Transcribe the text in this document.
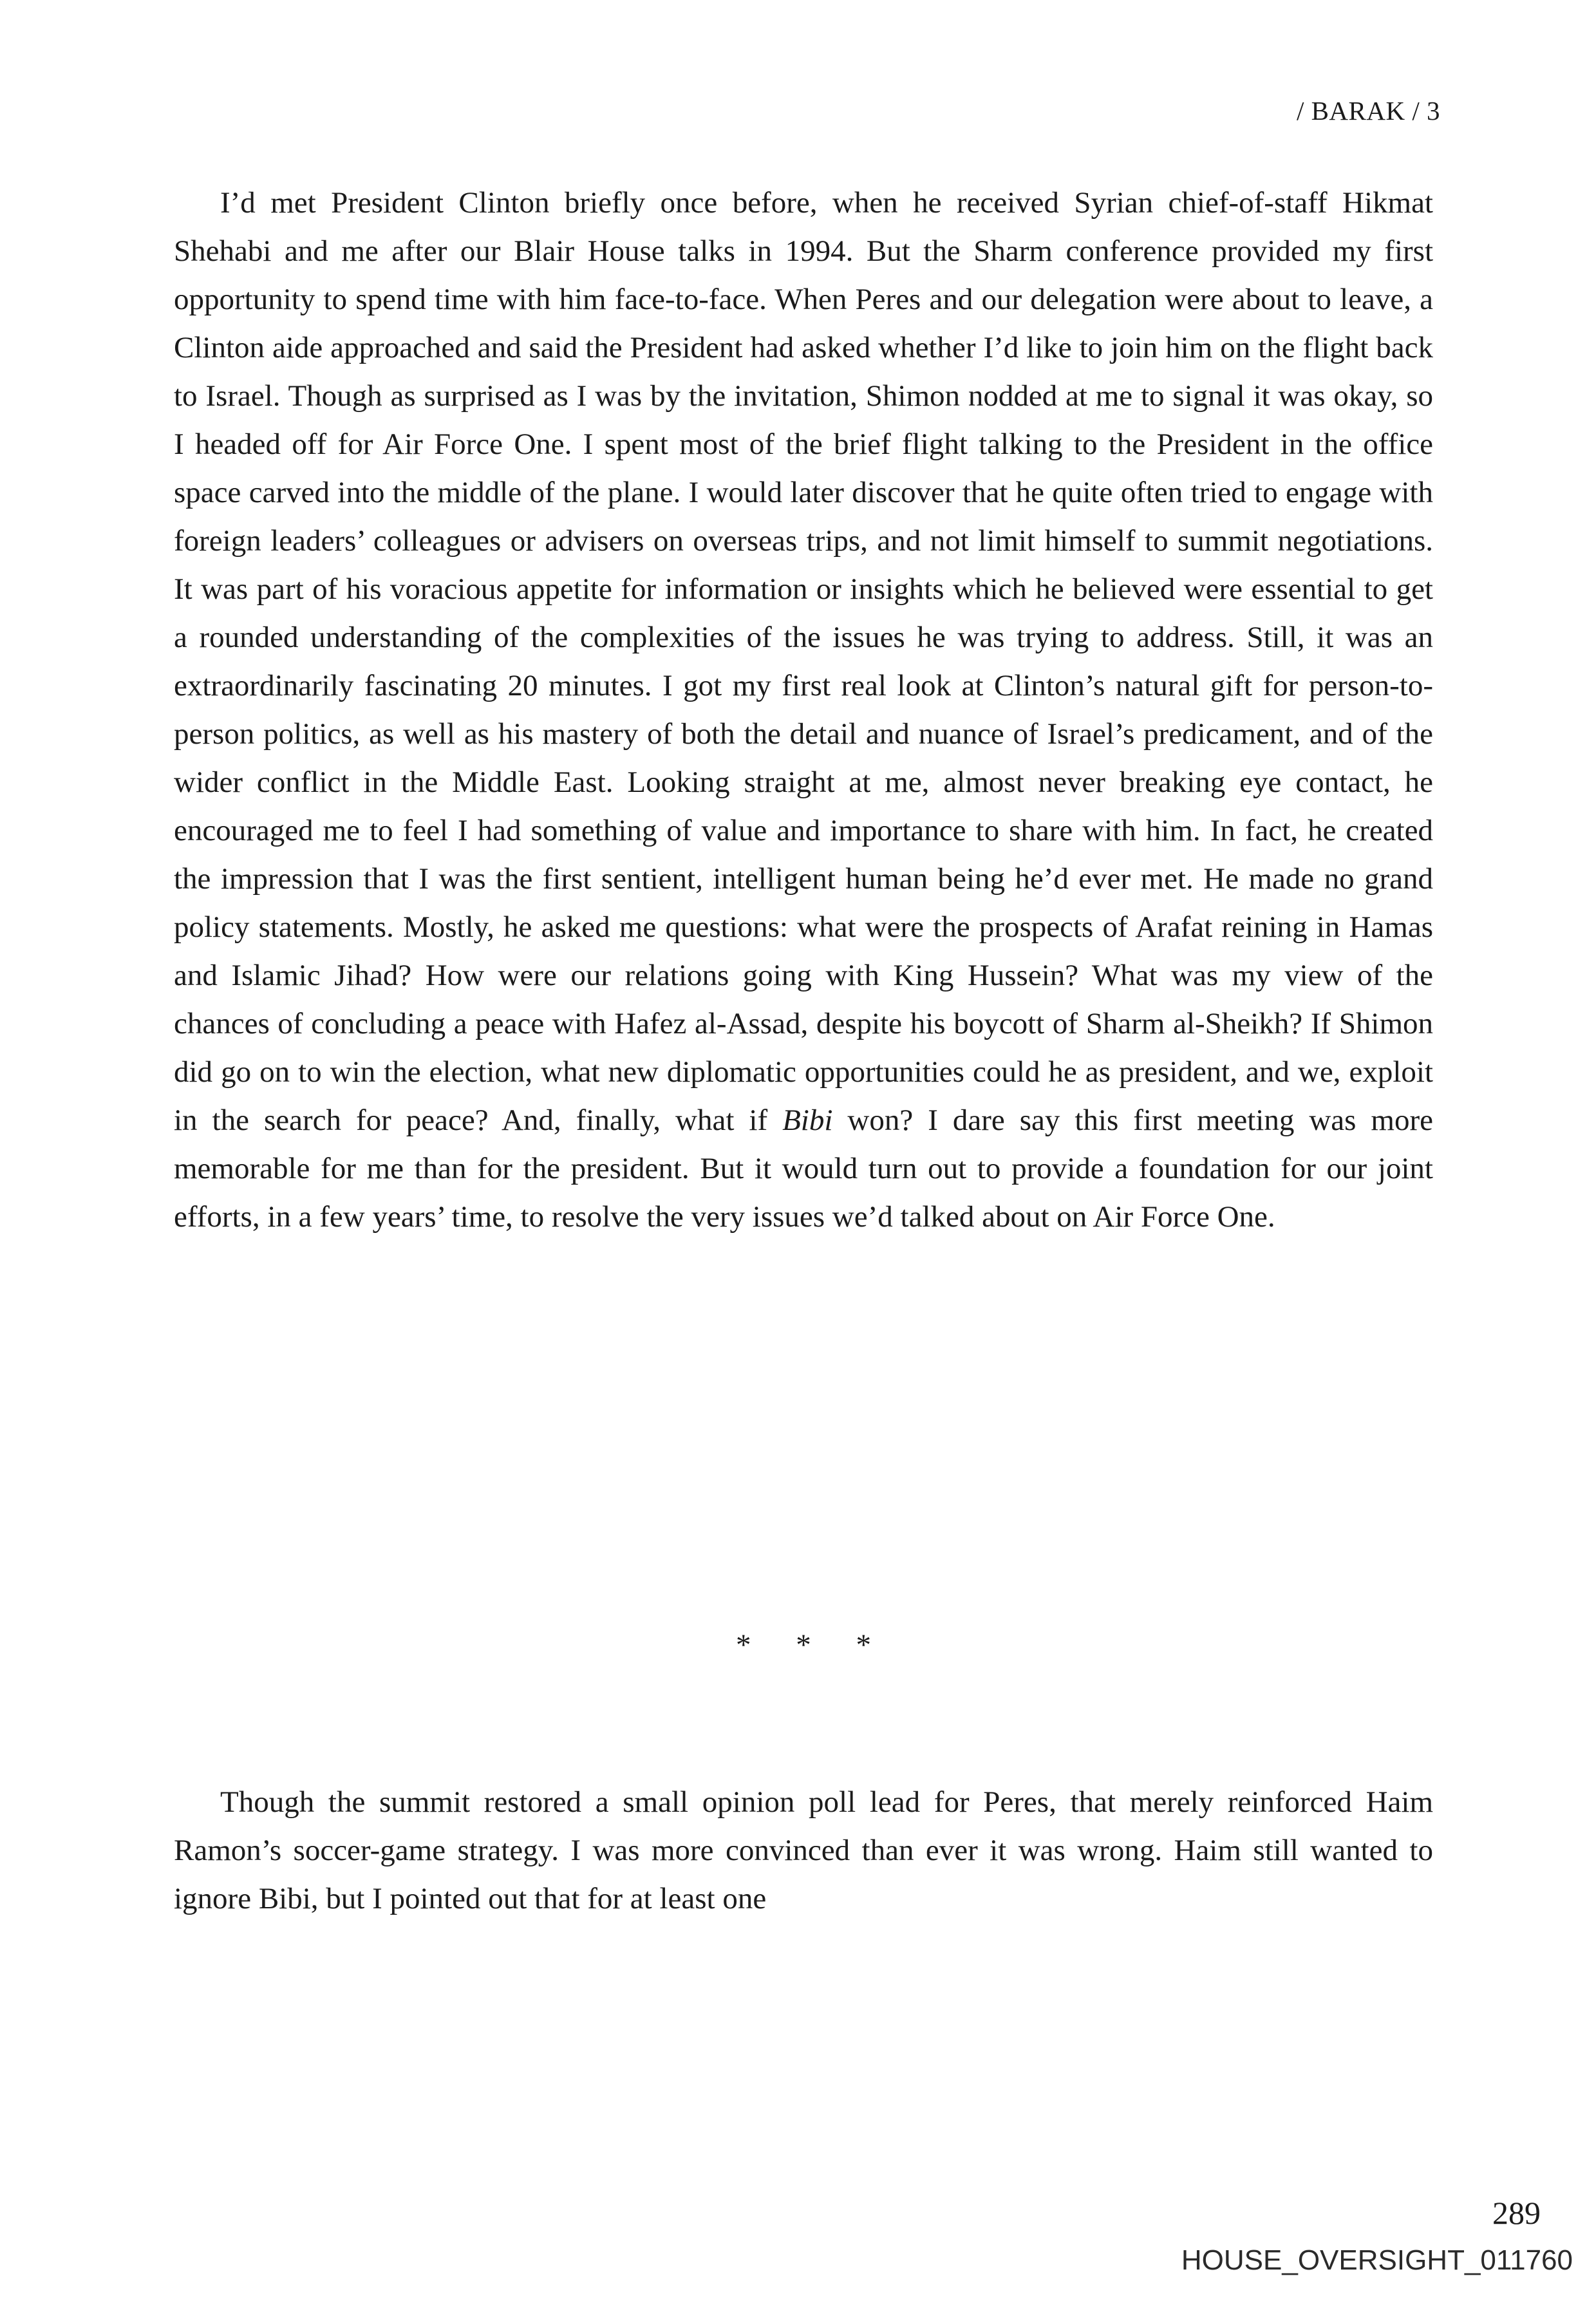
/ BARAK / 3

I’d met President Clinton briefly once before, when he received Syrian chief-of-staff Hikmat Shehabi and me after our Blair House talks in 1994. But the Sharm conference provided my first opportunity to spend time with him face-to-face. When Peres and our delegation were about to leave, a Clinton aide approached and said the President had asked whether I’d like to join him on the flight back to Israel. Though as surprised as I was by the invitation, Shimon nodded at me to signal it was okay, so I headed off for Air Force One. I spent most of the brief flight talking to the President in the office space carved into the middle of the plane. I would later discover that he quite often tried to engage with foreign leaders’ colleagues or advisers on overseas trips, and not limit himself to summit negotiations. It was part of his voracious appetite for information or insights which he believed were essential to get a rounded understanding of the complexities of the issues he was trying to address. Still, it was an extraordinarily fascinating 20 minutes. I got my first real look at Clinton’s natural gift for person-to-person politics, as well as his mastery of both the detail and nuance of Israel’s predicament, and of the wider conflict in the Middle East. Looking straight at me, almost never breaking eye contact, he encouraged me to feel I had something of value and importance to share with him. In fact, he created the impression that I was the first sentient, intelligent human being he’d ever met. He made no grand policy statements. Mostly, he asked me questions: what were the prospects of Arafat reining in Hamas and Islamic Jihad? How were our relations going with King Hussein? What was my view of the chances of concluding a peace with Hafez al-Assad, despite his boycott of Sharm al-Sheikh? If Shimon did go on to win the election, what new diplomatic opportunities could he as president, and we, exploit in the search for peace? And, finally, what if Bibi won? I dare say this first meeting was more memorable for me than for the president. But it would turn out to provide a foundation for our joint efforts, in a few years’ time, to resolve the very issues we’d talked about on Air Force One.

* * *

Though the summit restored a small opinion poll lead for Peres, that merely reinforced Haim Ramon’s soccer-game strategy. I was more convinced than ever it was wrong. Haim still wanted to ignore Bibi, but I pointed out that for at least one

289
HOUSE_OVERSIGHT_011760
